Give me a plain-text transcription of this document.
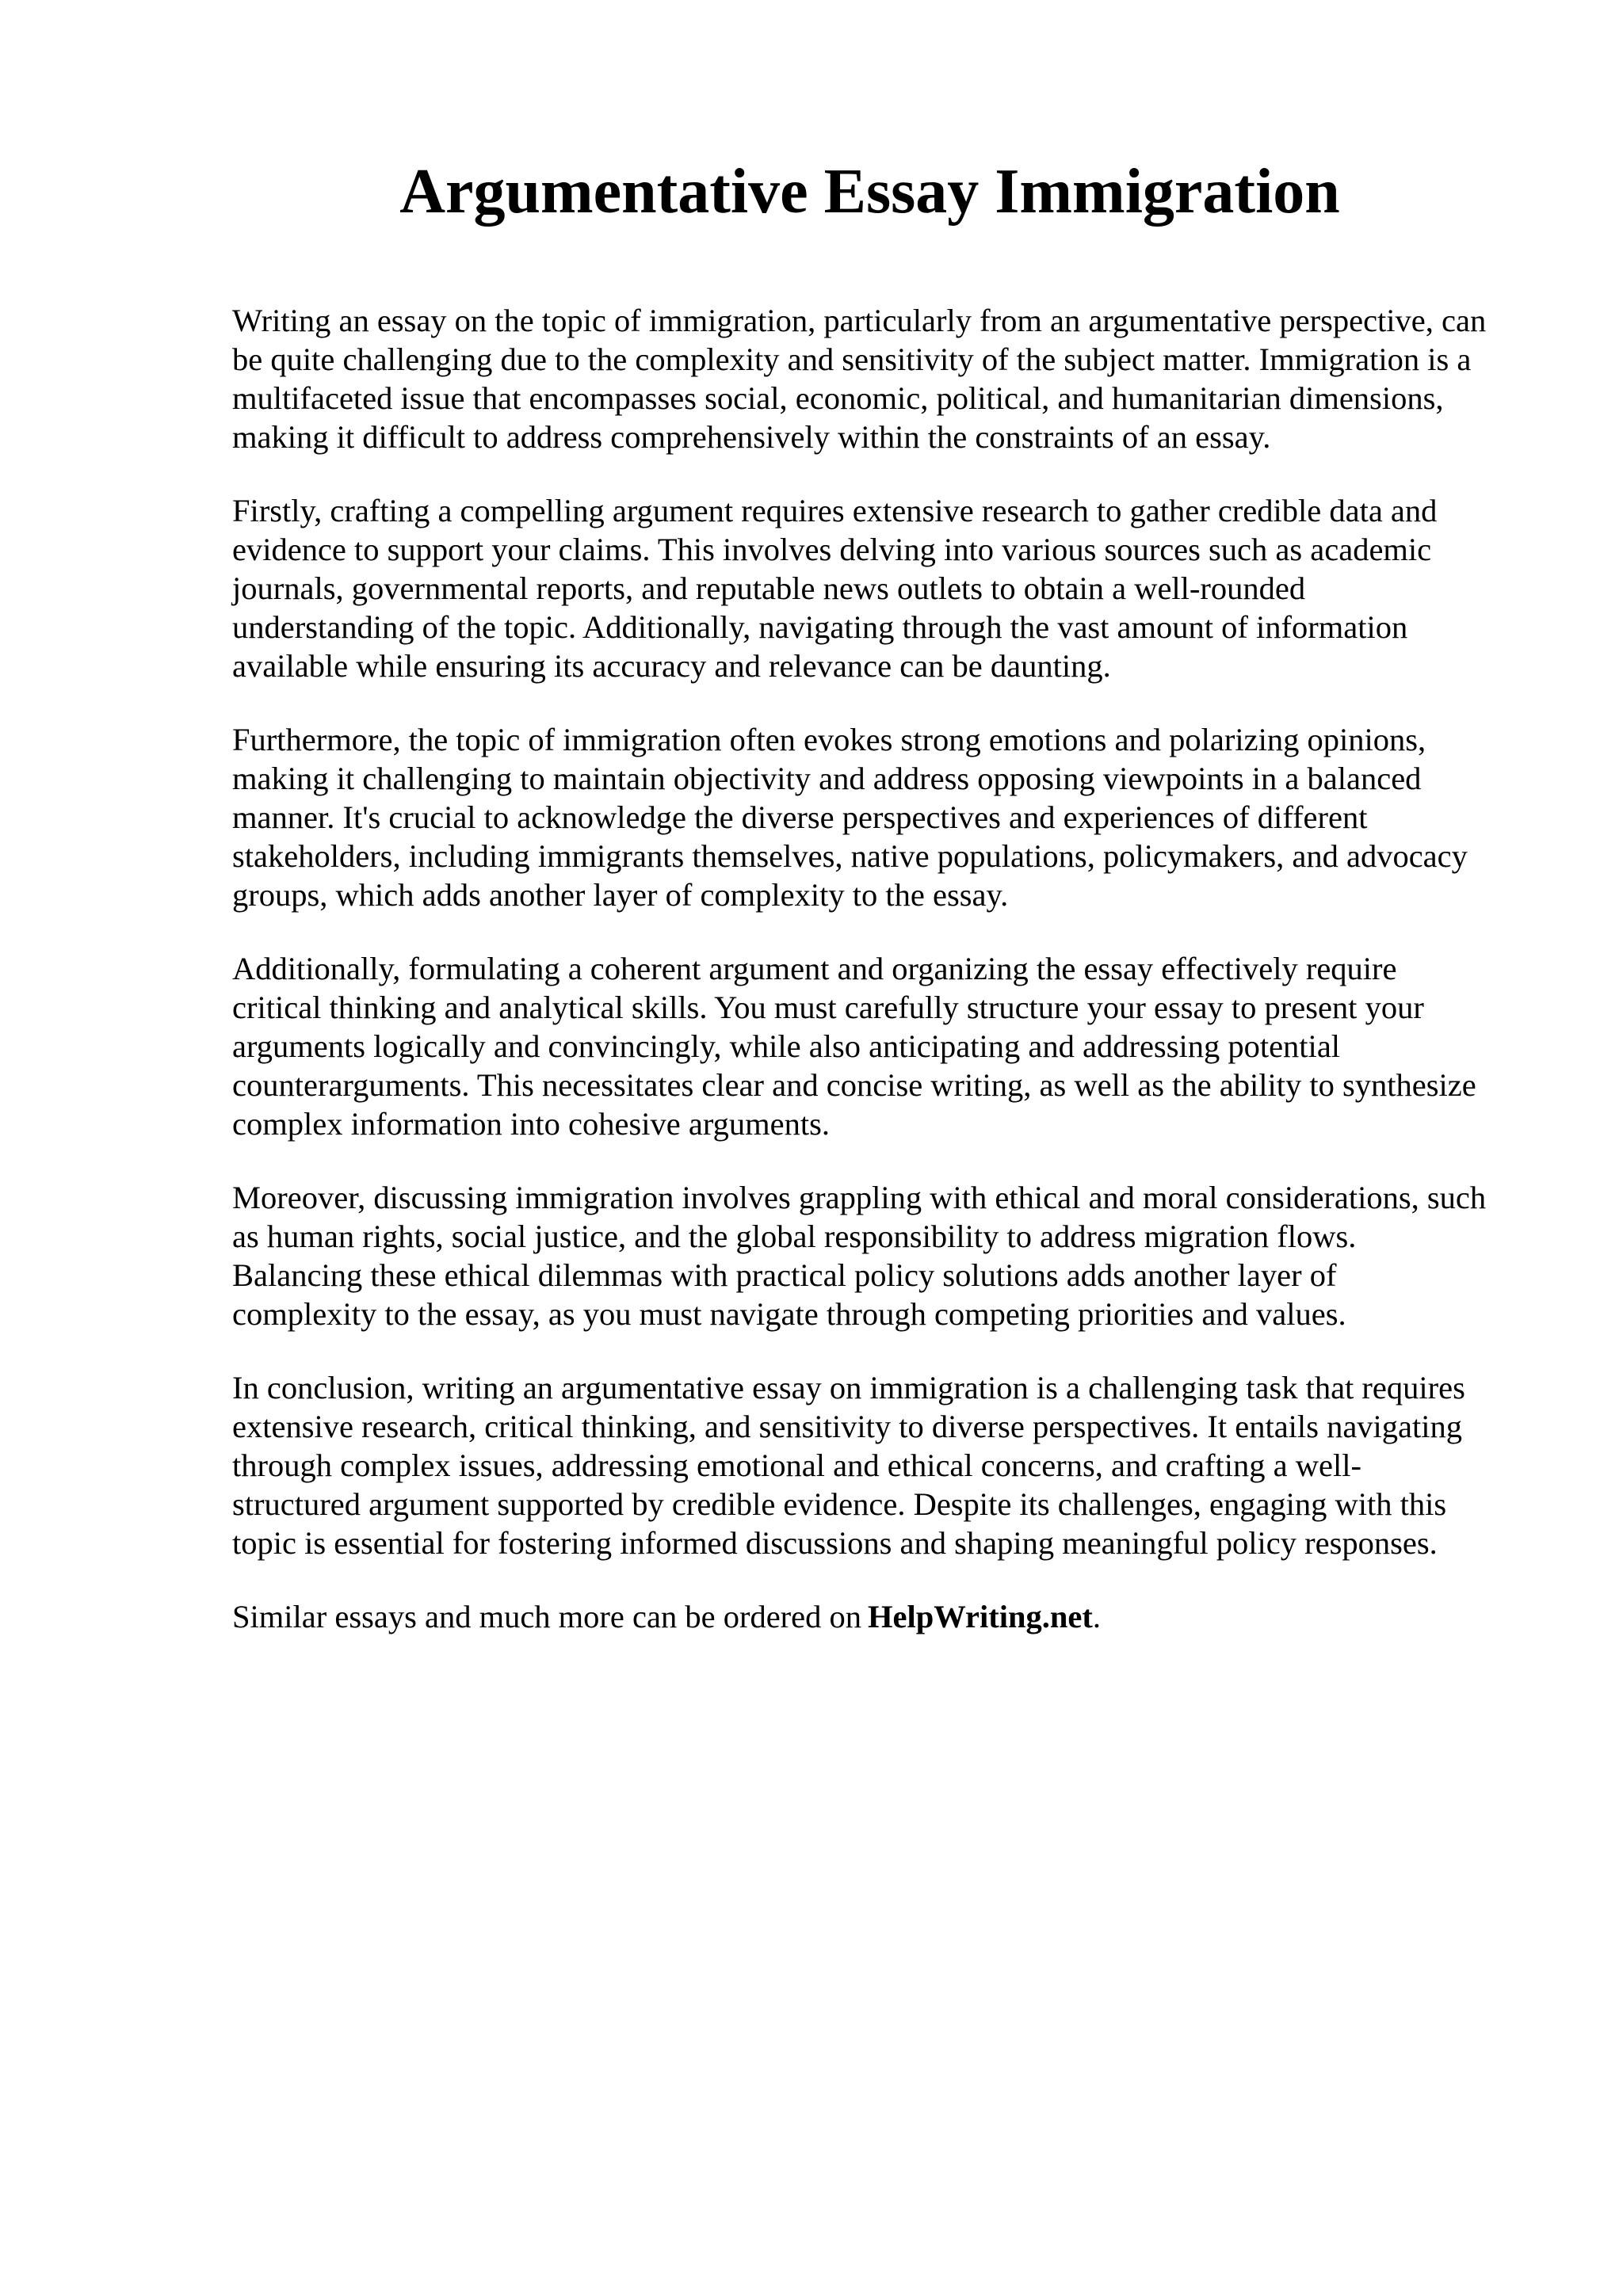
Argumentative Essay Immigration

Writing an essay on the topic of immigration, particularly from an argumentative perspective, can
be quite challenging due to the complexity and sensitivity of the subject matter. Immigration is a
multifaceted issue that encompasses social, economic, political, and humanitarian dimensions,
making it difficult to address comprehensively within the constraints of an essay.

Firstly, crafting a compelling argument requires extensive research to gather credible data and
evidence to support your claims. This involves delving into various sources such as academic
journals, governmental reports, and reputable news outlets to obtain a well-rounded
understanding of the topic. Additionally, navigating through the vast amount of information
available while ensuring its accuracy and relevance can be daunting.

Furthermore, the topic of immigration often evokes strong emotions and polarizing opinions,
making it challenging to maintain objectivity and address opposing viewpoints in a balanced
manner. It's crucial to acknowledge the diverse perspectives and experiences of different
stakeholders, including immigrants themselves, native populations, policymakers, and advocacy
groups, which adds another layer of complexity to the essay.

Additionally, formulating a coherent argument and organizing the essay effectively require
critical thinking and analytical skills. You must carefully structure your essay to present your
arguments logically and convincingly, while also anticipating and addressing potential
counterarguments. This necessitates clear and concise writing, as well as the ability to synthesize
complex information into cohesive arguments.

Moreover, discussing immigration involves grappling with ethical and moral considerations, such
as human rights, social justice, and the global responsibility to address migration flows.
Balancing these ethical dilemmas with practical policy solutions adds another layer of
complexity to the essay, as you must navigate through competing priorities and values.

In conclusion, writing an argumentative essay on immigration is a challenging task that requires
extensive research, critical thinking, and sensitivity to diverse perspectives. It entails navigating
through complex issues, addressing emotional and ethical concerns, and crafting a well-
structured argument supported by credible evidence. Despite its challenges, engaging with this
topic is essential for fostering informed discussions and shaping meaningful policy responses.

Similar essays and much more can be ordered on HelpWriting.net.
